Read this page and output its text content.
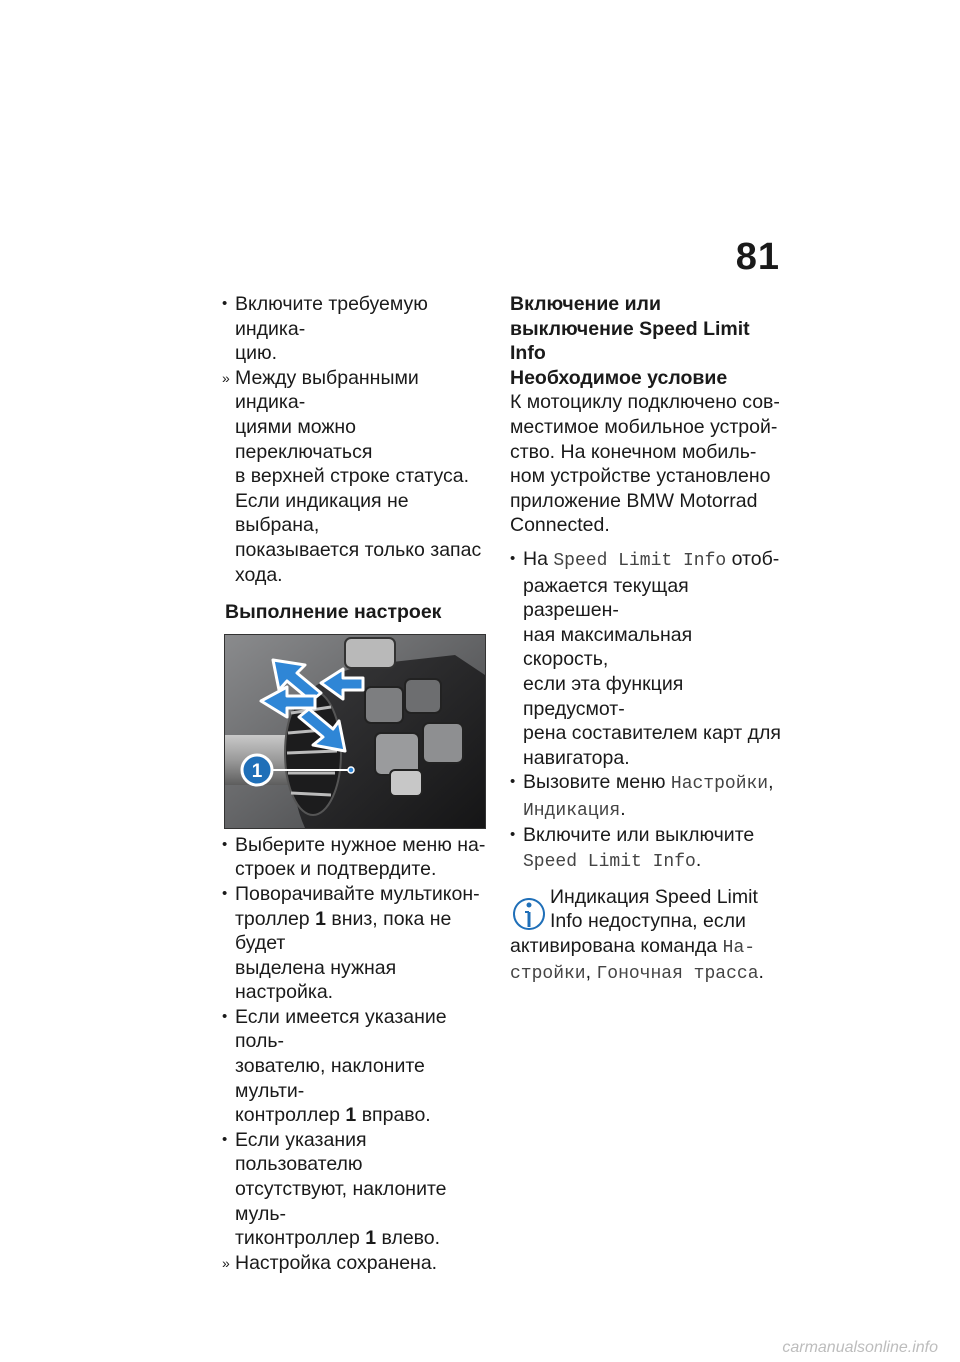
81
• Включите требуемую индика-
цию.
» Между выбранными индика-
циями можно переключаться
в верхней строке статуса.
Если индикация не выбрана,
показывается только запас
хода.
Выполнение настроек
1
• Выберите нужное меню на-
строек и подтвердите.
• Поворачивайте мультикон-
троллер 1 вниз, пока не будет
выделена нужная настройка.
• Если имеется указание поль-
зователю, наклоните мульти-
контроллер 1 вправо.
• Если указания пользователю
отсутствуют, наклоните муль-
тиконтроллер 1 влево.
» Настройка сохранена.
Включение или
выключение Speed Limit
Info
Необходимое условие

К мотоциклу подключено сов-
местимое мобильное устрой-
ство. На конечном мобиль-
ном устройстве установлено
приложение BMW Motorrad
Connected.

• На Speed Limit Info отоб-
ражается текущая разрешен-
ная максимальная скорость,
если эта функция предусмот-
рена составителем карт для
навигатора.
• Вызовите меню Настройки,
Индикация.
• Включите или выключите
Speed Limit Info.
Индикация Speed Limit
Info недоступна, если
активирована команда На-
стройки, Гоночная трасса.
carmanualsonline.info
